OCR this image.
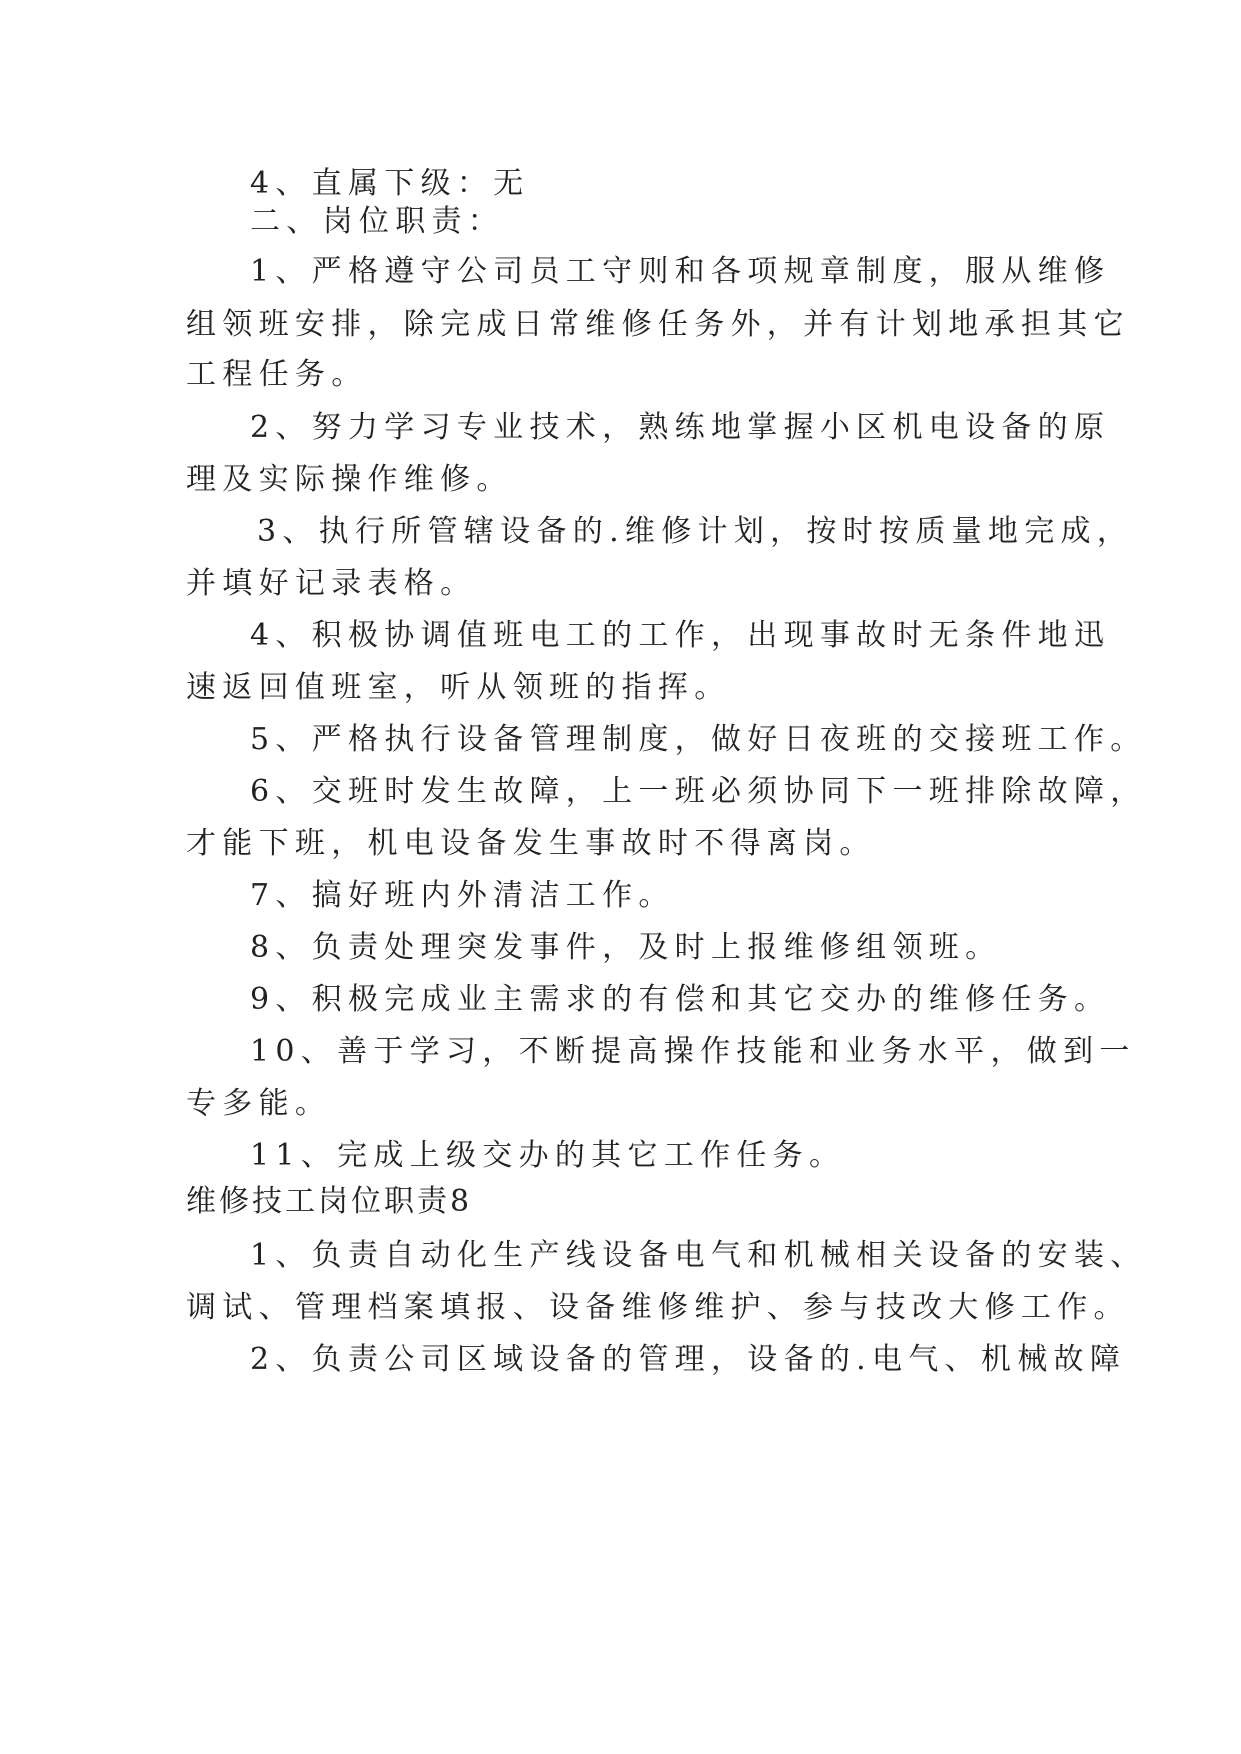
4、直属下级：无
二、岗位职责：
1、严格遵守公司员工守则和各项规章制度，服从维修
组领班安排，除完成日常维修任务外，并有计划地承担其它
工程任务。
2、努力学习专业技术，熟练地掌握小区机电设备的原
理及实际操作维修。
3、执行所管辖设备的.维修计划，按时按质量地完成，
并填好记录表格。
4、积极协调值班电工的工作，出现事故时无条件地迅
速返回值班室，听从领班的指挥。
5、严格执行设备管理制度，做好日夜班的交接班工作。
6、交班时发生故障，上一班必须协同下一班排除故障，
才能下班，机电设备发生事故时不得离岗。
7、搞好班内外清洁工作。
8、负责处理突发事件，及时上报维修组领班。
9、积极完成业主需求的有偿和其它交办的维修任务。
10、善于学习，不断提高操作技能和业务水平，做到一
专多能。
11、完成上级交办的其它工作任务。
维修技工岗位职责8
1、负责自动化生产线设备电气和机械相关设备的安装、
调试、管理档案填报、设备维修维护、参与技改大修工作。
2、负责公司区域设备的管理，设备的.电气、机械故障
